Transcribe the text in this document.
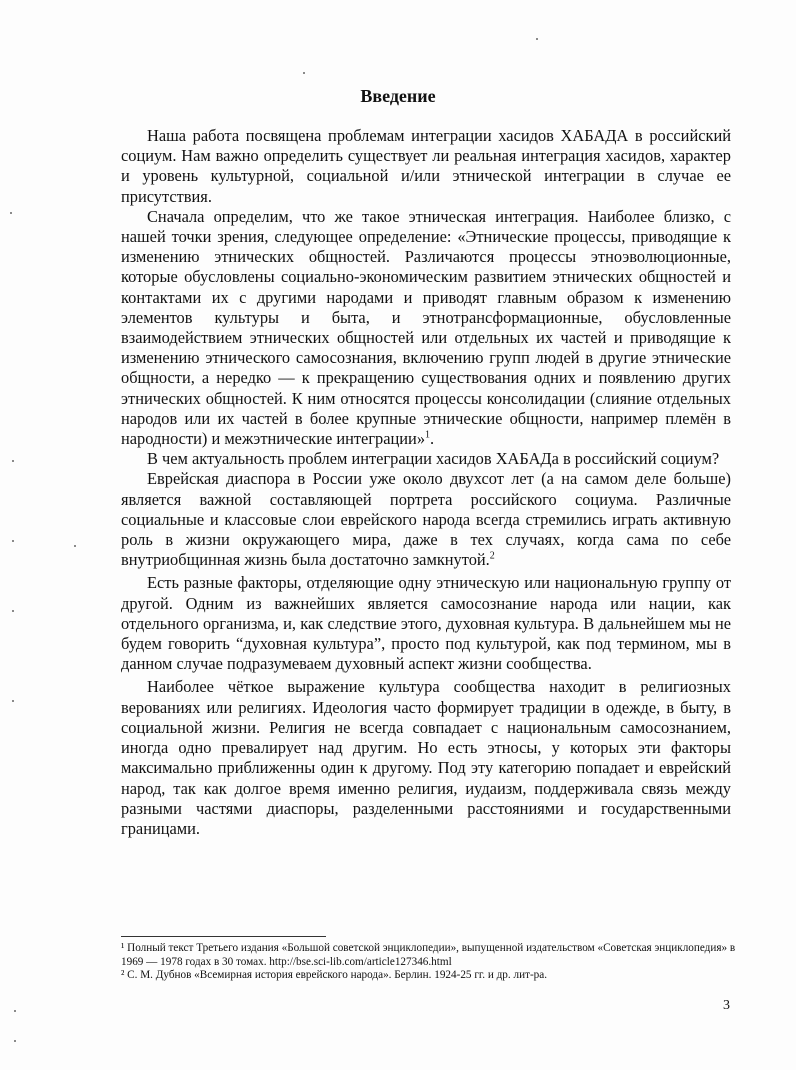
Введение

Наша работа посвящена проблемам интеграции хасидов ХАБАДА в российский социум. Нам важно определить существует ли реальная интеграция хасидов, характер и уровень культурной, социальной и/или этнической интеграции в случае ее присутствия.

Сначала определим, что же такое этническая интеграция. Наиболее близко, с нашей точки зрения, следующее определение: «Этнические процессы, приводящие к изменению этнических общностей. Различаются процессы этноэволюционные, которые обусловлены социально-экономическим развитием этнических общностей и контактами их с другими народами и приводят главным образом к изменению элементов культуры и быта, и этнотрансформационные, обусловленные взаимодействием этнических общностей или отдельных их частей и приводящие к изменению этнического самосознания, включению групп людей в другие этнические общности, а нередко — к прекращению существования одних и появлению других этнических общностей. К ним относятся процессы консолидации (слияние отдельных народов или их частей в более крупные этнические общности, например племён в народности) и межэтнические интеграции»$^1$.

В чем актуальность проблем интеграции хасидов ХАБАДа в российский социум?

Еврейская диаспора в России уже около двухсот лет (а на самом деле больше) является важной составляющей портрета российского социума. Различные социальные и классовые слои еврейского народа всегда стремились играть активную роль в жизни окружающего мира, даже в тех случаях, когда сама по себе внутриобщинная жизнь была достаточно замкнутой.$^2$

Есть разные факторы, отделяющие одну этническую или национальную группу от другой. Одним из важнейших является самосознание народа или нации, как отдельного организма, и, как следствие этого, духовная культура. В дальнейшем мы не будем говорить “духовная культура”, просто под культурой, как под термином, мы в данном случае подразумеваем духовный аспект жизни сообщества.

Наиболее чёткое выражение культура сообщества находит в религиозных верованиях или религиях. Идеология часто формирует традиции в одежде, в быту, в социальной жизни. Религия не всегда совпадает с национальным самосознанием, иногда одно превалирует над другим. Но есть этносы, у которых эти факторы максимально приближенны один к другому. Под эту категорию попадает и еврейский народ, так как долгое время именно религия, иудаизм, поддерживала связь между разными частями диаспоры, разделенными расстояниями и государственными границами.

¹ Полный текст Третьего издания «Большой советской энциклопедии», выпущенной издательством «Советская энциклопедия» в 1969 — 1978 годах в 30 томах. http://bse.sci-lib.com/article127346.html
² С. М. Дубнов «Всемирная история еврейского народа». Берлин. 1924-25 гг. и др. лит-ра.
3
